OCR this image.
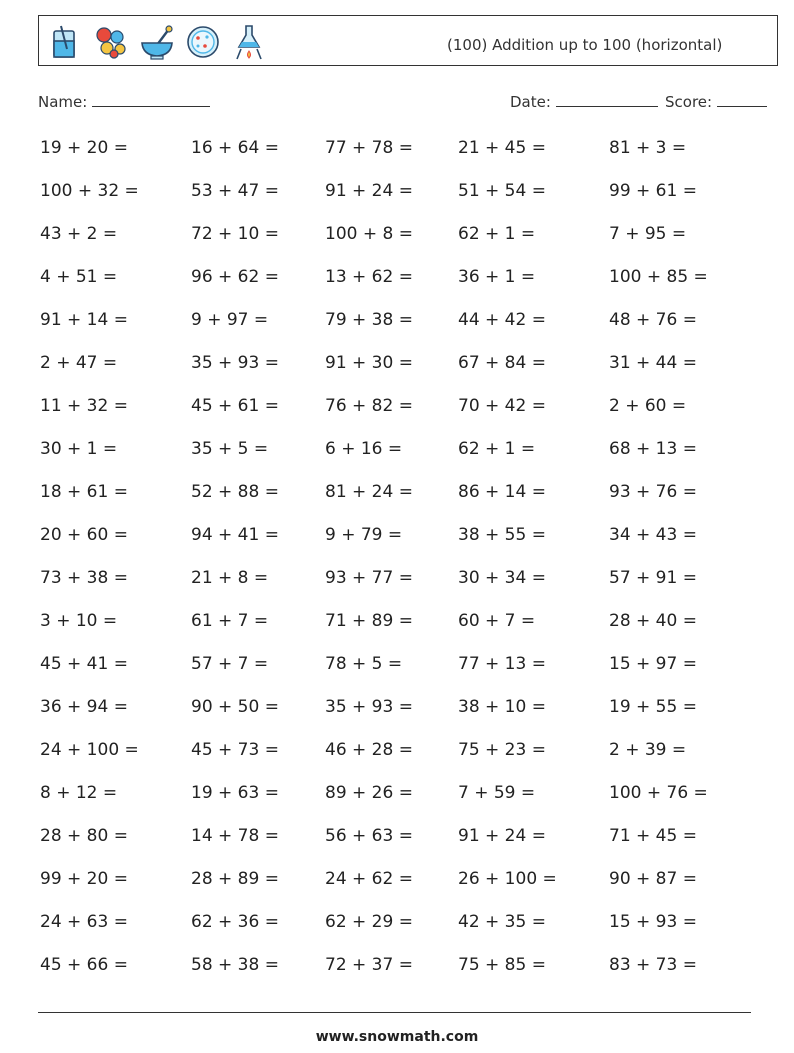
(100) Addition up to 100 (horizontal)
Name:	Date:	Score:
19 + 20 =	16 + 64 =	77 + 78 =	21 + 45 =	81 + 3 =
100 + 32 =	53 + 47 =	91 + 24 =	51 + 54 =	99 + 61 =
43 + 2 =	72 + 10 =	100 + 8 =	62 + 1 =	7 + 95 =
4 + 51 =	96 + 62 =	13 + 62 =	36 + 1 =	100 + 85 =
91 + 14 =	9 + 97 =	79 + 38 =	44 + 42 =	48 + 76 =
2 + 47 =	35 + 93 =	91 + 30 =	67 + 84 =	31 + 44 =
11 + 32 =	45 + 61 =	76 + 82 =	70 + 42 =	2 + 60 =
30 + 1 =	35 + 5 =	6 + 16 =	62 + 1 =	68 + 13 =
18 + 61 =	52 + 88 =	81 + 24 =	86 + 14 =	93 + 76 =
20 + 60 =	94 + 41 =	9 + 79 =	38 + 55 =	34 + 43 =
73 + 38 =	21 + 8 =	93 + 77 =	30 + 34 =	57 + 91 =
3 + 10 =	61 + 7 =	71 + 89 =	60 + 7 =	28 + 40 =
45 + 41 =	57 + 7 =	78 + 5 =	77 + 13 =	15 + 97 =
36 + 94 =	90 + 50 =	35 + 93 =	38 + 10 =	19 + 55 =
24 + 100 =	45 + 73 =	46 + 28 =	75 + 23 =	2 + 39 =
8 + 12 =	19 + 63 =	89 + 26 =	7 + 59 =	100 + 76 =
28 + 80 =	14 + 78 =	56 + 63 =	91 + 24 =	71 + 45 =
99 + 20 =	28 + 89 =	24 + 62 =	26 + 100 =	90 + 87 =
24 + 63 =	62 + 36 =	62 + 29 =	42 + 35 =	15 + 93 =
45 + 66 =	58 + 38 =	72 + 37 =	75 + 85 =	83 + 73 =
www.snowmath.com
